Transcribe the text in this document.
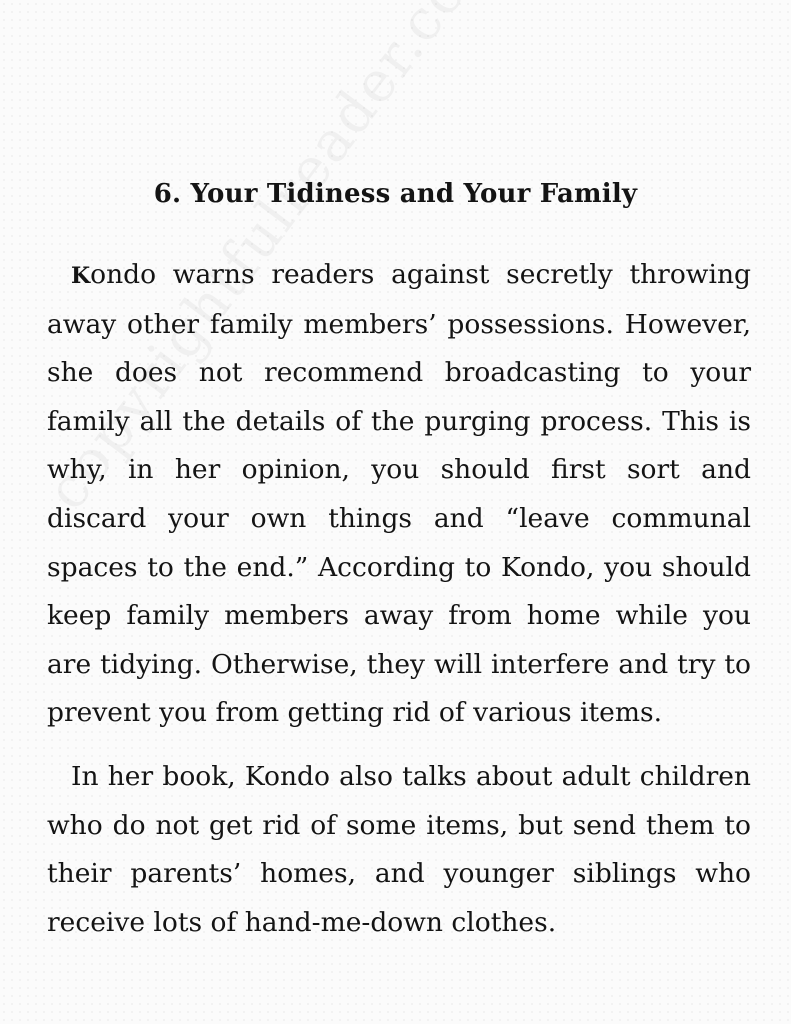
6. Your Tidiness and Your Family

Kondo warns readers against secretly throwing away other family members’ possessions. However, she does not recommend broadcasting to your family all the details of the purging process. This is why, in her opinion, you should first sort and discard your own things and “leave communal spaces to the end.” According to Kondo, you should keep family members away from home while you are tidying. Otherwise, they will interfere and try to prevent you from getting rid of various items.

In her book, Kondo also talks about adult children who do not get rid of some items, but send them to their parents’ homes, and younger siblings who receive lots of hand-me-down clothes.
